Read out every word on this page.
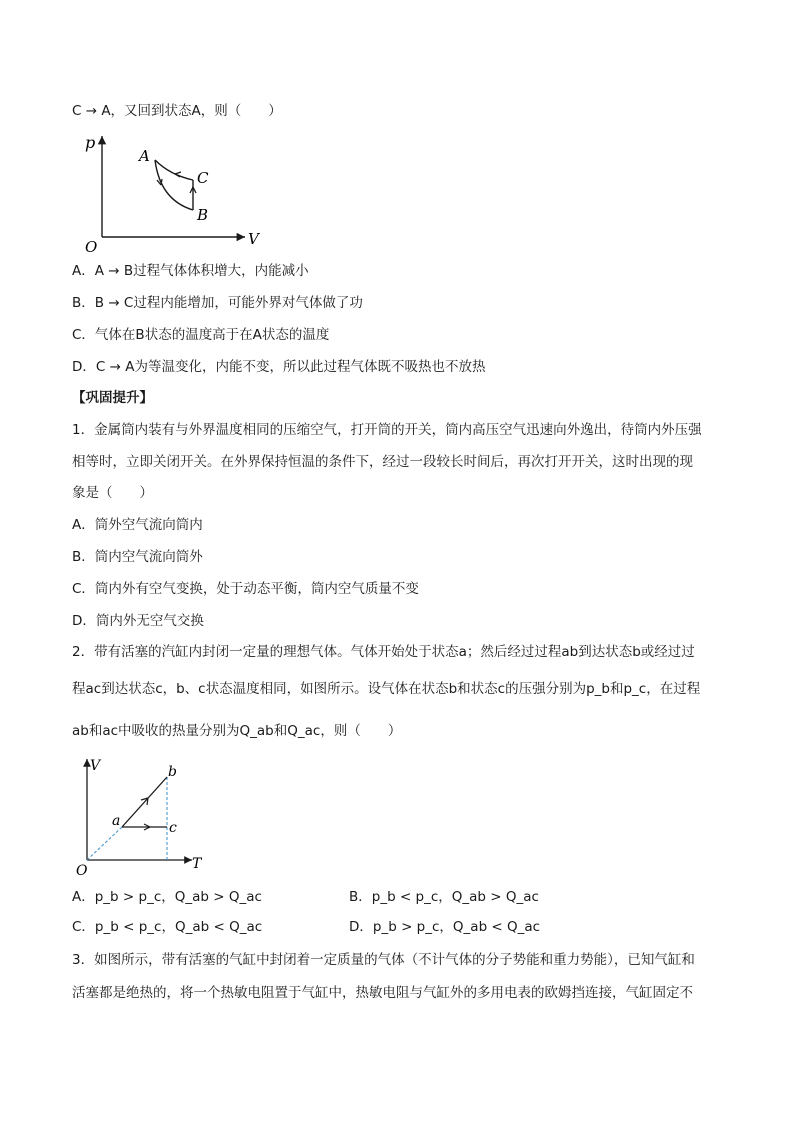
C → A，又回到状态A，则（　　）
p
V
O
A
C
B
A．A → B过程气体体积增大，内能减小
B．B → C过程内能增加，可能外界对气体做了功
C．气体在B状态的温度高于在A状态的温度
D．C → A为等温变化，内能不变，所以此过程气体既不吸热也不放热
【巩固提升】
1．金属筒内装有与外界温度相同的压缩空气，打开筒的开关，筒内高压空气迅速向外逸出，待筒内外压强
相等时，立即关闭开关。在外界保持恒温的条件下，经过一段较长时间后，再次打开开关，这时出现的现
象是（　　）
A．筒外空气流向筒内
B．筒内空气流向筒外
C．筒内外有空气变换，处于动态平衡，筒内空气质量不变
D．筒内外无空气交换
2．带有活塞的汽缸内封闭一定量的理想气体。气体开始处于状态a；然后经过过程ab到达状态b或经过过
程ac到达状态c，b、c状态温度相同，如图所示。设气体在状态b和状态c的压强分别为p_b和p_c，在过程
ab和ac中吸收的热量分别为Q_ab和Q_ac，则（　　）
V
T
O
a
b
c
A．p_b > p_c，Q_ab > Q_ac	B．p_b < p_c，Q_ab > Q_ac
C．p_b < p_c，Q_ab < Q_ac	D．p_b > p_c，Q_ab < Q_ac
3．如图所示，带有活塞的气缸中封闭着一定质量的气体（不计气体的分子势能和重力势能），已知气缸和
活塞都是绝热的，将一个热敏电阻置于气缸中，热敏电阻与气缸外的多用电表的欧姆挡连接，气缸固定不
